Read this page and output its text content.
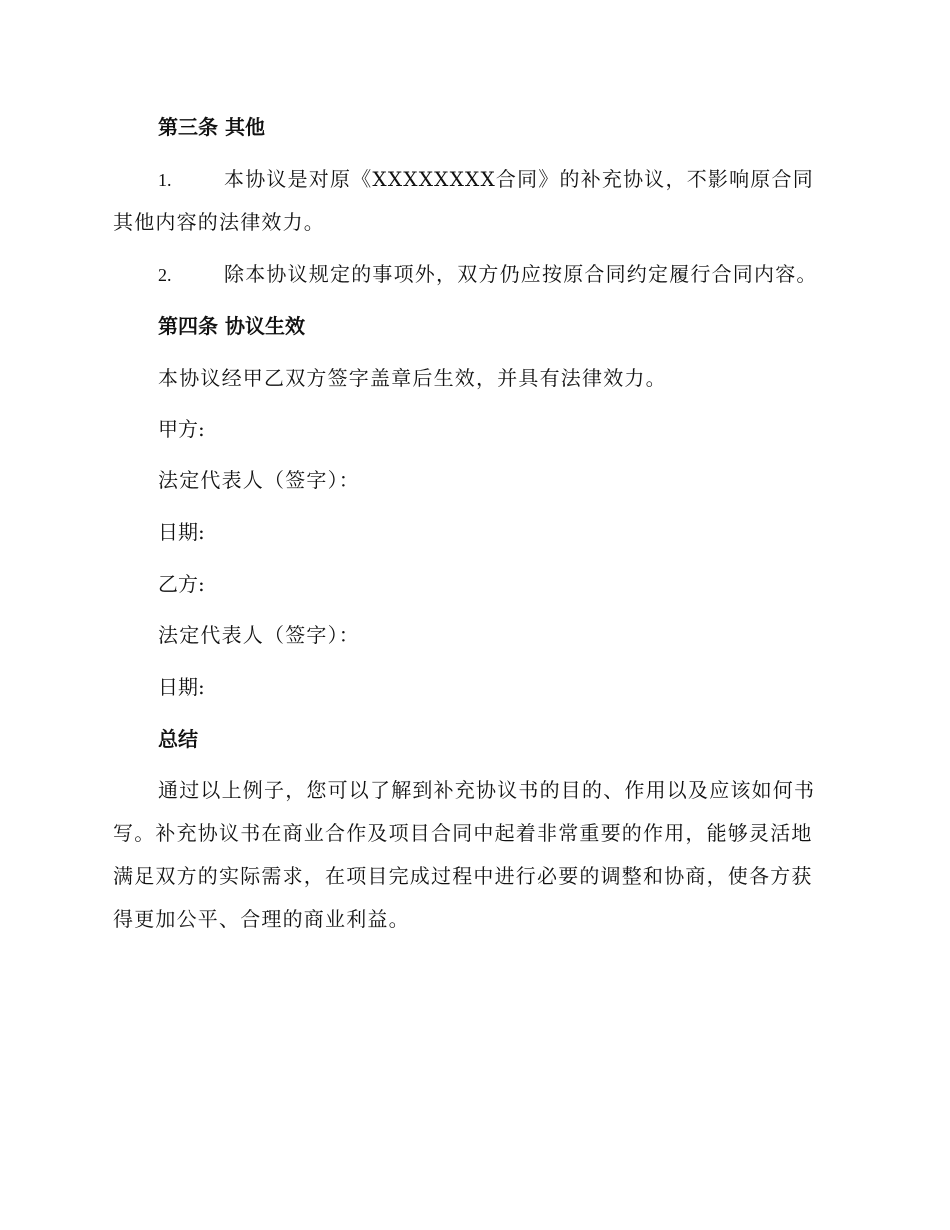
第三条 其他
1.	本协议是对原《XXXXXXXX合同》的补充协议，不影响原合同
其他内容的法律效力。
2.	除本协议规定的事项外，双方仍应按原合同约定履行合同内容。
第四条 协议生效
本协议经甲乙双方签字盖章后生效，并具有法律效力。
甲方:
法定代表人（签字）：
日期:
乙方:
法定代表人（签字）：
日期:
总结
通过以上例子，您可以了解到补充协议书的目的、作用以及应该如何书
写。补充协议书在商业合作及项目合同中起着非常重要的作用，能够灵活地
满足双方的实际需求，在项目完成过程中进行必要的调整和协商，使各方获
得更加公平、合理的商业利益。
